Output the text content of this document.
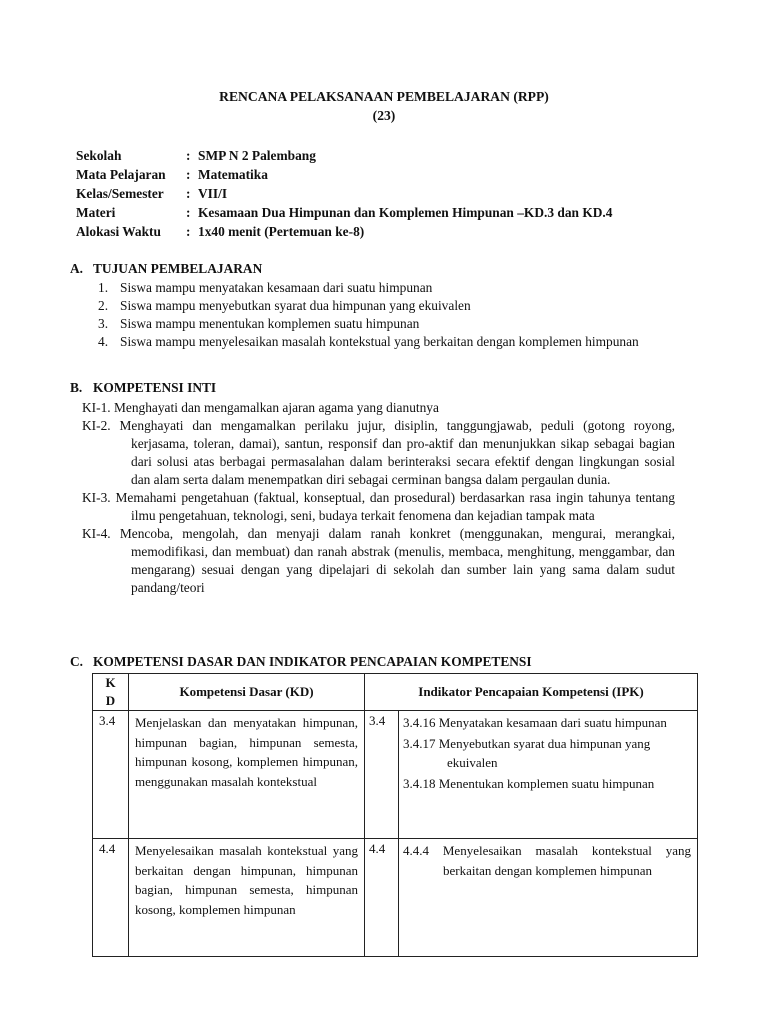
RENCANA PELAKSANAAN PEMBELAJARAN (RPP)
(23)
Sekolah	: SMP N 2 Palembang
Mata Pelajaran	: Matematika
Kelas/Semester	: VII/I
Materi	: Kesamaan Dua Himpunan dan Komplemen Himpunan –KD.3 dan KD.4
Alokasi Waktu	: 1x40 menit (Pertemuan ke-8)
A. TUJUAN PEMBELAJARAN
1. Siswa mampu menyatakan kesamaan dari suatu himpunan
2. Siswa mampu menyebutkan syarat dua himpunan yang ekuivalen
3. Siswa mampu menentukan komplemen suatu himpunan
4. Siswa mampu menyelesaikan masalah kontekstual yang berkaitan dengan komplemen himpunan
B. KOMPETENSI INTI
KI-1. Menghayati dan mengamalkan ajaran agama yang dianutnya
KI-2. Menghayati dan mengamalkan perilaku jujur, disiplin, tanggungjawab, peduli (gotong royong, kerjasama, toleran, damai), santun, responsif dan pro-aktif dan menunjukkan sikap sebagai bagian dari solusi atas berbagai permasalahan dalam berinteraksi secara efektif dengan lingkungan sosial dan alam serta dalam menempatkan diri sebagai cerminan bangsa dalam pergaulan dunia.
KI-3. Memahami pengetahuan (faktual, konseptual, dan prosedural) berdasarkan rasa ingin tahunya tentang ilmu pengetahuan, teknologi, seni, budaya terkait fenomena dan kejadian tampak mata
KI-4. Mencoba, mengolah, dan menyaji dalam ranah konkret (menggunakan, mengurai, merangkai, memodifikasi, dan membuat) dan ranah abstrak (menulis, membaca, menghitung, menggambar, dan mengarang) sesuai dengan yang dipelajari di sekolah dan sumber lain yang sama dalam sudut pandang/teori
C. KOMPETENSI DASAR DAN INDIKATOR PENCAPAIAN KOMPETENSI
K D	Kompetensi Dasar (KD)	Indikator Pencapaian Kompetensi (IPK)	
3.4	Menjelaskan dan menyatakan himpunan, himpunan bagian, himpunan semesta, himpunan kosong, komplemen himpunan, menggunakan masalah kontekstual	3.4	3.4.16 Menyatakan kesamaan dari suatu himpunan
3.4.17 Menyebutkan syarat dua himpunan yang ekuivalen
3.4.18 Menentukan komplemen suatu himpunan

4.4	Menyelesaikan masalah kontekstual yang berkaitan dengan himpunan, himpunan bagian, himpunan semesta, himpunan kosong, komplemen himpunan	4.4	4.4.4 Menyelesaikan masalah kontekstual yang berkaitan dengan komplemen himpunan
